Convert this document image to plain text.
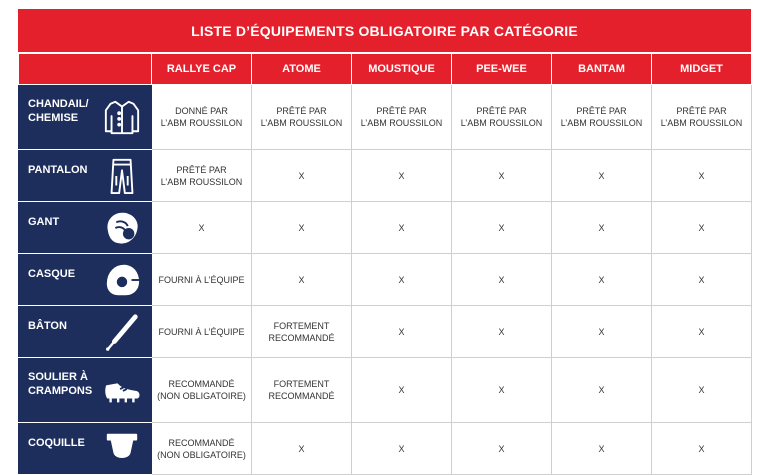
LISTE D’ÉQUIPEMENTS OBLIGATOIRE PAR CATÉGORIE
	RALLYE CAP	ATOME	MOUSTIQUE	PEE-WEE	BANTAM	MIDGET

CHANDAIL/
CHEMISE	DONNÉ PAR
L’ABM ROUSSILON	PRÊTÉ PAR
L’ABM ROUSSILON	PRÊTÉ PAR
L’ABM ROUSSILON	PRÊTÉ PAR
L’ABM ROUSSILON	PRÊTÉ PAR
L’ABM ROUSSILON	PRÊTÉ PAR
L’ABM ROUSSILON

PANTALON	PRÊTÉ PAR
L’ABM ROUSSILON	X	X	X	X	X

GANT	X	X	X	X	X	X

CASQUE	FOURNI À L’ÉQUIPE	X	X	X	X	X

BÂTON	FOURNI À L’ÉQUIPE	FORTEMENT
RECOMMANDÉ	X	X	X	X

SOULIER À
CRAMPONS	RECOMMANDÉ
(NON OBLIGATOIRE)	FORTEMENT
RECOMMANDÉ	X	X	X	X

COQUILLE	RECOMMANDÉ
(NON OBLIGATOIRE)	X	X	X	X	X
